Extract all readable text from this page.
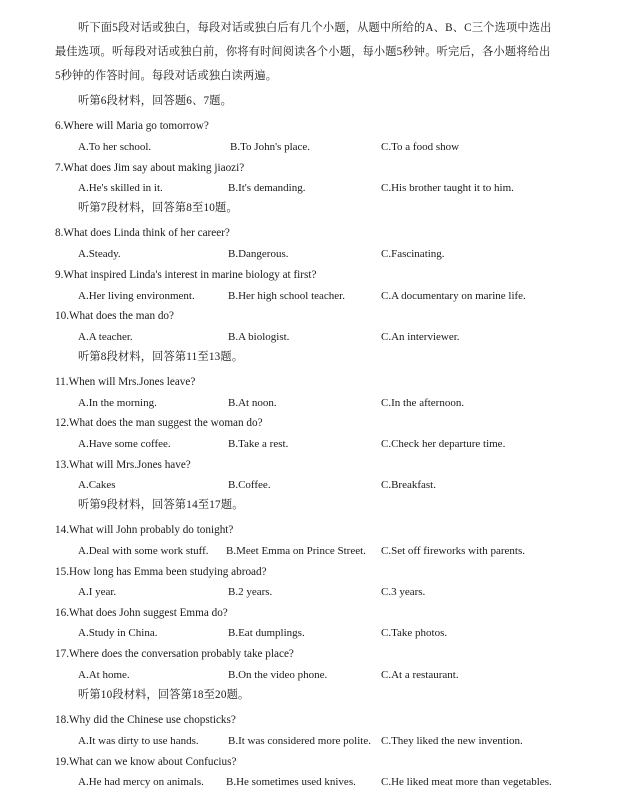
听下面5段对话或独白，每段对话或独白后有几个小题，从题中所给的A、B、C三个选项中选出
最佳选项。听每段对话或独白前，你将有时间阅读各个小题，每小题5秒钟。听完后，各小题将给出
5秒钟的作答时间。每段对话或独白读两遍。
听第6段材料，回答题6、7题。
6.Where will Maria go tomorrow?
A.To her school.	B.To John's place.	C.To a food show
7.What does Jim say about making jiaozi?
A.He's skilled in it.	B.It's demanding.	C.His brother taught it to him.
听第7段材料，回答第8至10题。
8.What does Linda think of her career?
A.Steady.	B.Dangerous.	C.Fascinating.
9.What inspired Linda's interest in marine biology at first?
A.Her living environment.	B.Her high school teacher.	C.A documentary on marine life.
10.What does the man do?
A.A teacher.	B.A biologist.	C.An interviewer.
听第8段材料，回答第11至13题。
11.When will Mrs.Jones leave?
A.In the morning.	B.At noon.	C.In the afternoon.
12.What does the man suggest the woman do?
A.Have some coffee.	B.Take a rest.	C.Check her departure time.
13.What will Mrs.Jones have?
A.Cakes	B.Coffee.	C.Breakfast.
听第9段材料，回答第14至17题。
14.What will John probably do tonight?
A.Deal with some work stuff. B.Meet Emma on Prince Street. C.Set off fireworks with parents.
15.How long has Emma been studying abroad?
A.I year.	B.2 years.	C.3 years.
16.What does John suggest Emma do?
A.Study in China.	B.Eat dumplings.	C.Take photos.
17.Where does the conversation probably take place?
A.At home.	B.On the video phone.	C.At a restaurant.
听第10段材料，回答第18至20题。
18.Why did the Chinese use chopsticks?
A.It was dirty to use hands.	B.It was considered more polite. C.They liked the new invention.
19.What can we know about Confucius?
A.He had mercy on animals. B.He sometimes used knives. C.He liked meat more than vegetables.
